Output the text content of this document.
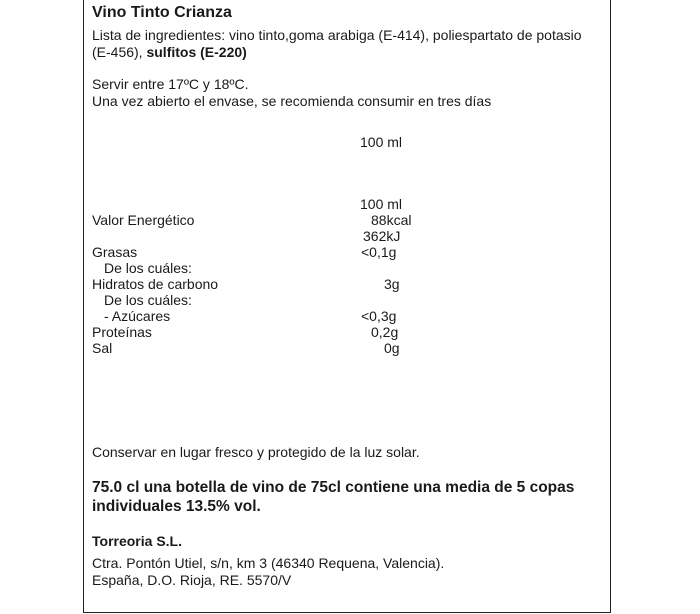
Vino Tinto Crianza
Lista de ingredientes: vino tinto,goma arabiga (E-414), poliespartato de potasio
(E-456), sulfitos (E-220)
Servir entre 17ºC y 18ºC.
Una vez abierto el envase, se recomienda consumir en tres días
100 ml
100 ml
Valor Energético	88kcal
362kJ
Grasas	<0,1g
De los cuáles:
Hidratos de carbono	3g
De los cuáles:
- Azúcares	<0,3g
Proteínas	0,2g
Sal	0g
Conservar en lugar fresco y protegido de la luz solar.
75.0 cl una botella de vino de 75cl contiene una media de 5 copas
individuales 13.5% vol.
Torreoria S.L.
Ctra. Pontón Utiel, s/n, km 3 (46340 Requena, Valencia).
España, D.O. Rioja, RE. 5570/V
